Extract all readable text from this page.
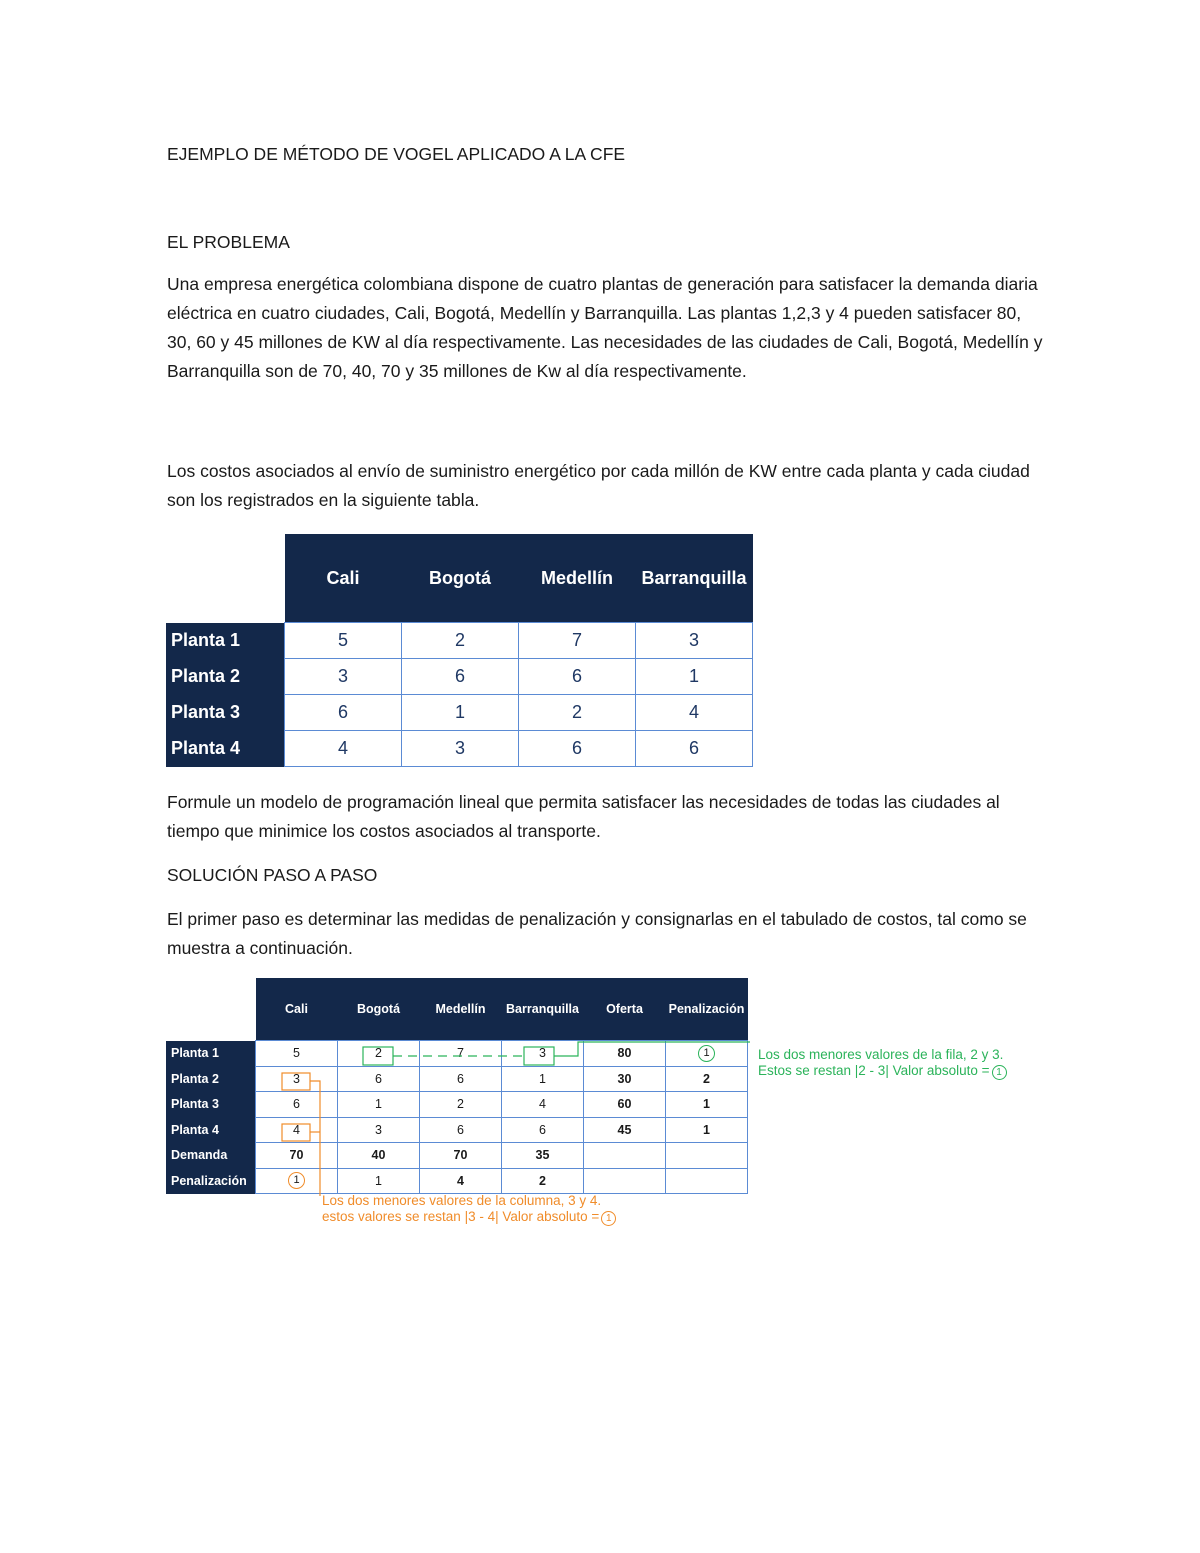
EJEMPLO DE MÉTODO DE VOGEL APLICADO A LA CFE

EL PROBLEMA

Una empresa energética colombiana dispone de cuatro plantas de generación para satisfacer la demanda diaria eléctrica en cuatro ciudades, Cali, Bogotá, Medellín y Barranquilla. Las plantas 1,2,3 y 4 pueden satisfacer 80, 30, 60 y 45 millones de KW al día respectivamente. Las necesidades de las ciudades de Cali, Bogotá, Medellín y Barranquilla son de 70, 40, 70 y 35 millones de Kw al día respectivamente.

Los costos asociados al envío de suministro energético por cada millón de KW entre cada planta y cada ciudad son los registrados en la siguiente tabla.

	Cali	Bogotá	Medellín	Barranquilla
Planta 1	5	2	7	3
Planta 2	3	6	6	1
Planta 3	6	1	2	4
Planta 4	4	3	6	6

Formule un modelo de programación lineal que permita satisfacer las necesidades de todas las ciudades al tiempo que minimice los costos asociados al transporte.

SOLUCIÓN PASO A PASO

El primer paso es determinar las medidas de penalización y consignarlas en el tabulado de costos, tal como se muestra a continuación.

	Cali	Bogotá	Medellín	Barranquilla	Oferta	Penalización
Planta 1	5	2	7	3	80	1
Planta 2	3	6	6	1	30	2
Planta 3	6	1	2	4	60	1
Planta 4	4	3	6	6	45	1
Demanda	70	40	70	35		
Penalización	1	1	4	2		
Los dos menores valores de la fila, 2 y 3.
Estos se restan |2 - 3| Valor absoluto = 1
Los dos menores valores de la columna, 3 y 4.
estos valores se restan |3 - 4| Valor absoluto = 1
